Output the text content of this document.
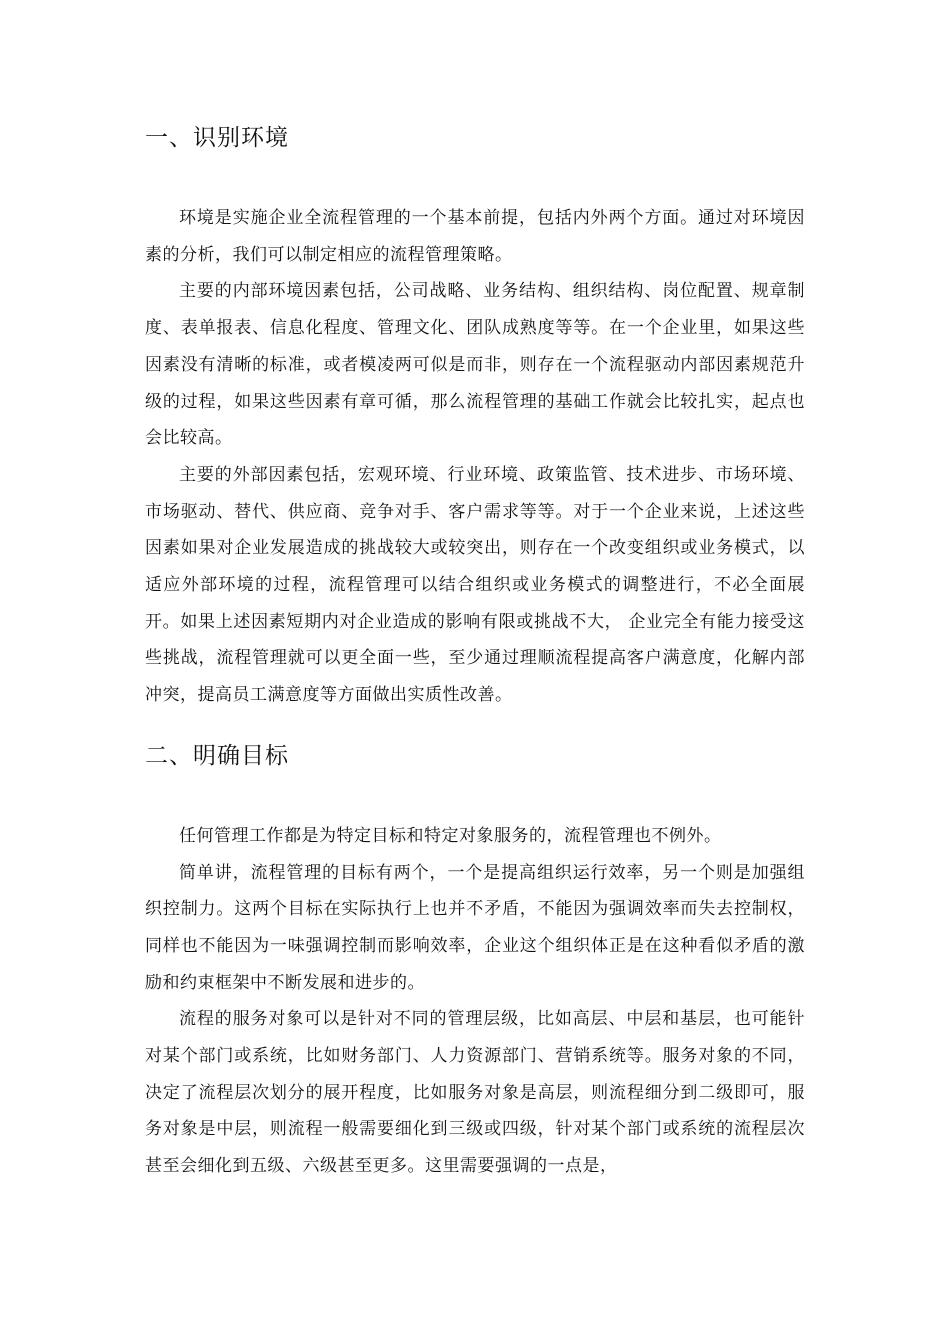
一、识别环境

环境是实施企业全流程管理的一个基本前提，包括内外两个方面。通过对环境因素的分析，我们可以制定相应的流程管理策略。

主要的内部环境因素包括，公司战略、业务结构、组织结构、岗位配置、规章制度、表单报表、信息化程度、管理文化、团队成熟度等等。在一个企业里，如果这些因素没有清晰的标准，或者模凌两可似是而非，则存在一个流程驱动内部因素规范升级的过程，如果这些因素有章可循，那么流程管理的基础工作就会比较扎实，起点也会比较高。

主要的外部因素包括，宏观环境、行业环境、政策监管、技术进步、市场环境、市场驱动、替代、供应商、竞争对手、客户需求等等。对于一个企业来说，上述这些因素如果对企业发展造成的挑战较大或较突出，则存在一个改变组织或业务模式，以适应外部环境的过程，流程管理可以结合组织或业务模式的调整进行，不必全面展开。如果上述因素短期内对企业造成的影响有限或挑战不大， 企业完全有能力接受这些挑战，流程管理就可以更全面一些，至少通过理顺流程提高客户满意度，化解内部冲突，提高员工满意度等方面做出实质性改善。

二、明确目标

任何管理工作都是为特定目标和特定对象服务的，流程管理也不例外。

简单讲，流程管理的目标有两个，一个是提高组织运行效率，另一个则是加强组织控制力。这两个目标在实际执行上也并不矛盾，不能因为强调效率而失去控制权，同样也不能因为一味强调控制而影响效率，企业这个组织体正是在这种看似矛盾的激励和约束框架中不断发展和进步的。

流程的服务对象可以是针对不同的管理层级，比如高层、中层和基层，也可能针对某个部门或系统，比如财务部门、人力资源部门、营销系统等。服务对象的不同，决定了流程层次划分的展开程度，比如服务对象是高层，则流程细分到二级即可，服务对象是中层，则流程一般需要细化到三级或四级，针对某个部门或系统的流程层次甚至会细化到五级、六级甚至更多。这里需要强调的一点是，
